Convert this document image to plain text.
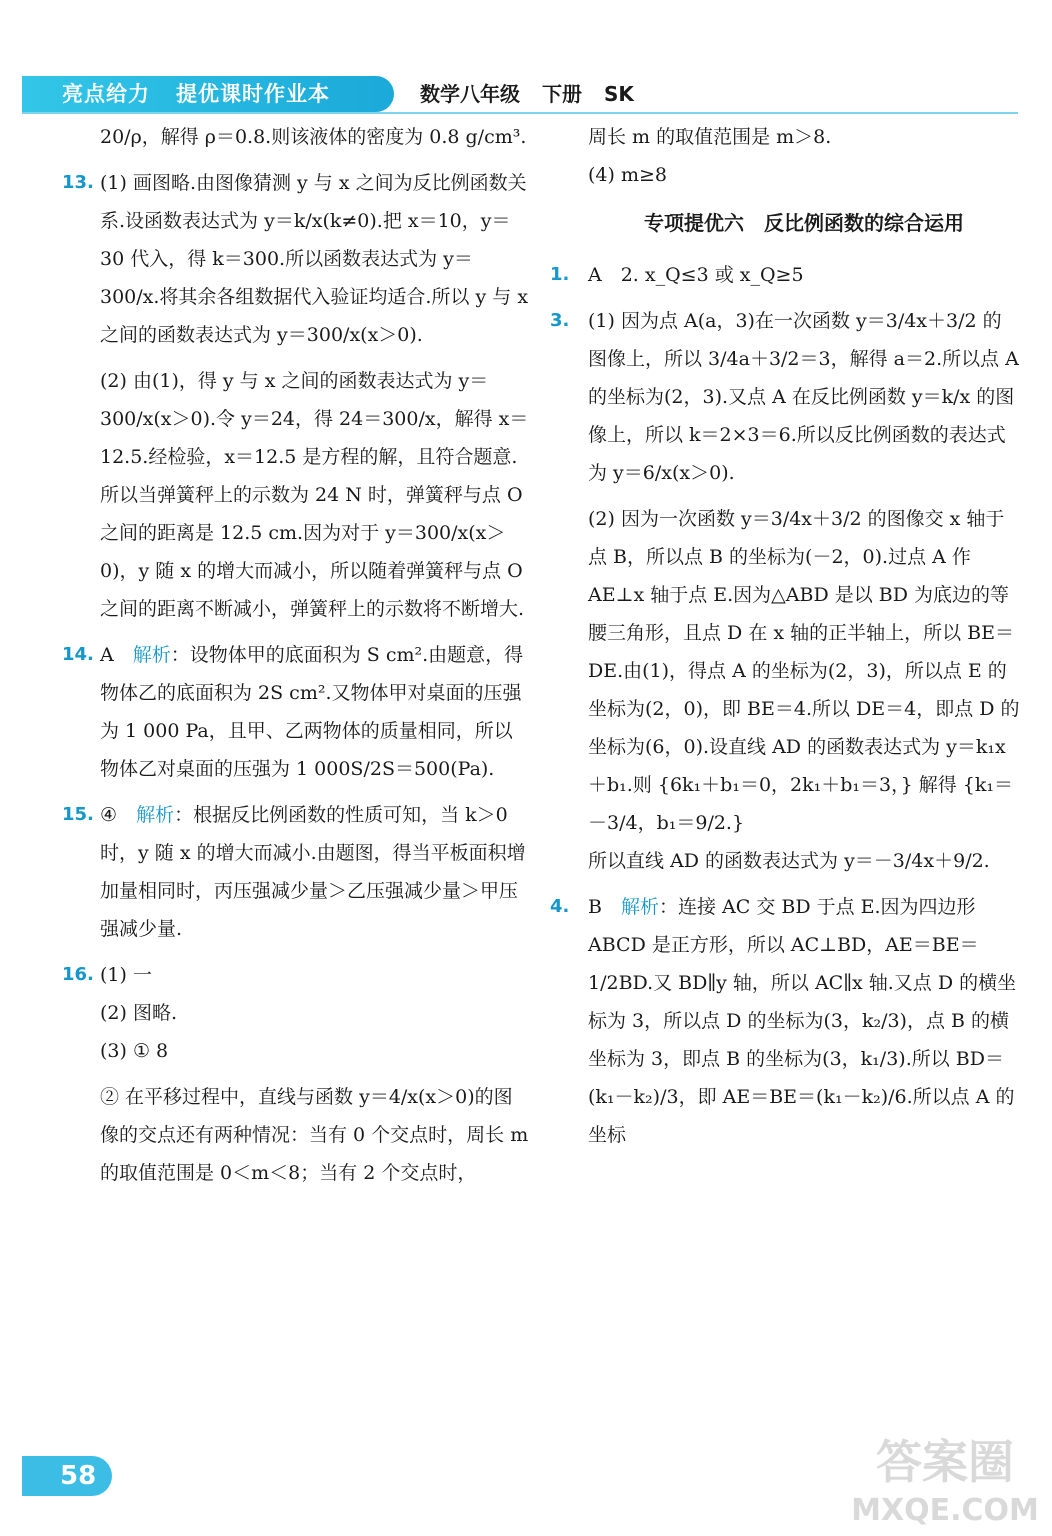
亮点给力 提优课时作业本	数学八年级 下册 SK

20/ρ，解得 ρ＝0.8.则该液体的密度为 0.8 g/cm³.

13. (1) 画图略.由图像猜测 y 与 x 之间为反比例函数关系.设函数表达式为 y＝k/x(k≠0).把 x＝10，y＝30 代入，得 k＝300.所以函数表达式为 y＝300/x.将其余各组数据代入验证均适合.所以 y 与 x 之间的函数表达式为 y＝300/x(x＞0).

(2) 由(1)，得 y 与 x 之间的函数表达式为 y＝300/x(x＞0).令 y＝24，得 24＝300/x，解得 x＝12.5.经检验，x＝12.5 是方程的解，且符合题意.所以当弹簧秤上的示数为 24 N 时，弹簧秤与点 O 之间的距离是 12.5 cm.因为对于 y＝300/x(x＞0)，y 随 x 的增大而减小，所以随着弹簧秤与点 O 之间的距离不断减小，弹簧秤上的示数将不断增大.

14. A　 解析：设物体甲的底面积为 S cm².由题意，得物体乙的底面积为 2S cm².又物体甲对桌面的压强为 1 000 Pa，且甲、乙两物体的质量相同，所以物体乙对桌面的压强为 1 000S/2S＝500(Pa).

15. ④　 解析：根据反比例函数的性质可知，当 k＞0 时，y 随 x 的增大而减小.由题图，得当平板面积增加量相同时，丙压强减少量＞乙压强减少量＞甲压强减少量.

16. (1) 一

(2) 图略.

(3) ① 8

② 在平移过程中，直线与函数 y＝4/x(x＞0)的图像的交点还有两种情况：当有 0 个交点时，周长 m 的取值范围是 0＜m＜8；当有 2 个交点时，

周长 m 的取值范围是 m＞8.

(4) m≥8

专项提优六　反比例函数的综合运用

1. A　2. x_Q≤3 或 x_Q≥5

3. (1) 因为点 A(a，3)在一次函数 y＝3/4x＋3/2 的图像上，所以 3/4a＋3/2＝3，解得 a＝2.所以点 A 的坐标为(2，3).又点 A 在反比例函数 y＝k/x 的图像上，所以 k＝2×3＝6.所以反比例函数的表达式为 y＝6/x(x＞0).

(2) 因为一次函数 y＝3/4x＋3/2 的图像交 x 轴于点 B，所以点 B 的坐标为(－2，0).过点 A 作 AE⊥x 轴于点 E.因为△ABD 是以 BD 为底边的等腰三角形，且点 D 在 x 轴的正半轴上，所以 BE＝DE.由(1)，得点 A 的坐标为(2，3)，所以点 E 的坐标为(2，0)，即 BE＝4.所以 DE＝4，即点 D 的坐标为(6，0).设直线 AD 的函数表达式为 y＝k₁x＋b₁.则 {6k₁＋b₁＝0，2k₁＋b₁＝3，} 解得 {k₁＝－3/4，b₁＝9/2.}

所以直线 AD 的函数表达式为 y＝－3/4x＋9/2.

4. B　 解析：连接 AC 交 BD 于点 E.因为四边形 ABCD 是正方形，所以 AC⊥BD，AE＝BE＝1/2BD.又 BD∥y 轴，所以 AC∥x 轴.又点 D 的横坐标为 3，所以点 D 的坐标为(3，k₂/3)，点 B 的横坐标为 3，即点 B 的坐标为(3，k₁/3).所以 BD＝(k₁－k₂)/3，即 AE＝BE＝(k₁－k₂)/6.所以点 A 的坐标

58	答案圈
MXQE.COM
